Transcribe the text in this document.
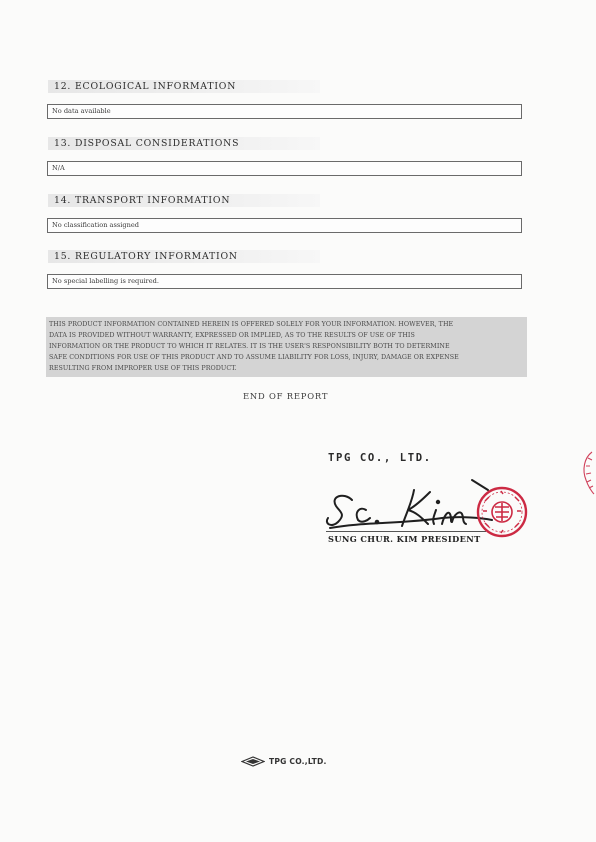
12. ECOLOGICAL INFORMATION
No data available
13. DISPOSAL CONSIDERATIONS
N/A
14. TRANSPORT INFORMATION
No classification assigned
15. REGULATORY INFORMATION
No special labelling is required.
THIS PRODUCT INFORMATION CONTAINED HEREIN IS OFFERED SOLELY FOR YOUR INFORMATION. HOWEVER, THE
DATA IS PROVIDED WITHOUT WARRANTY, EXPRESSED OR IMPLIED, AS TO THE RESULTS OF USE OF THIS
INFORMATION OR THE PRODUCT TO WHICH IT RELATES. IT IS THE USER'S RESPONSIBILITY BOTH TO DETERMINE
SAFE CONDITIONS FOR USE OF THIS PRODUCT AND TO ASSUME LIABILITY FOR LOSS, INJURY, DAMAGE OR EXPENSE
RESULTING FROM IMPROPER USE OF THIS PRODUCT.
END OF REPORT
TPG CO., LTD.
SUNG CHUR. KIM PRESIDENT
TPG CO.,LTD.
